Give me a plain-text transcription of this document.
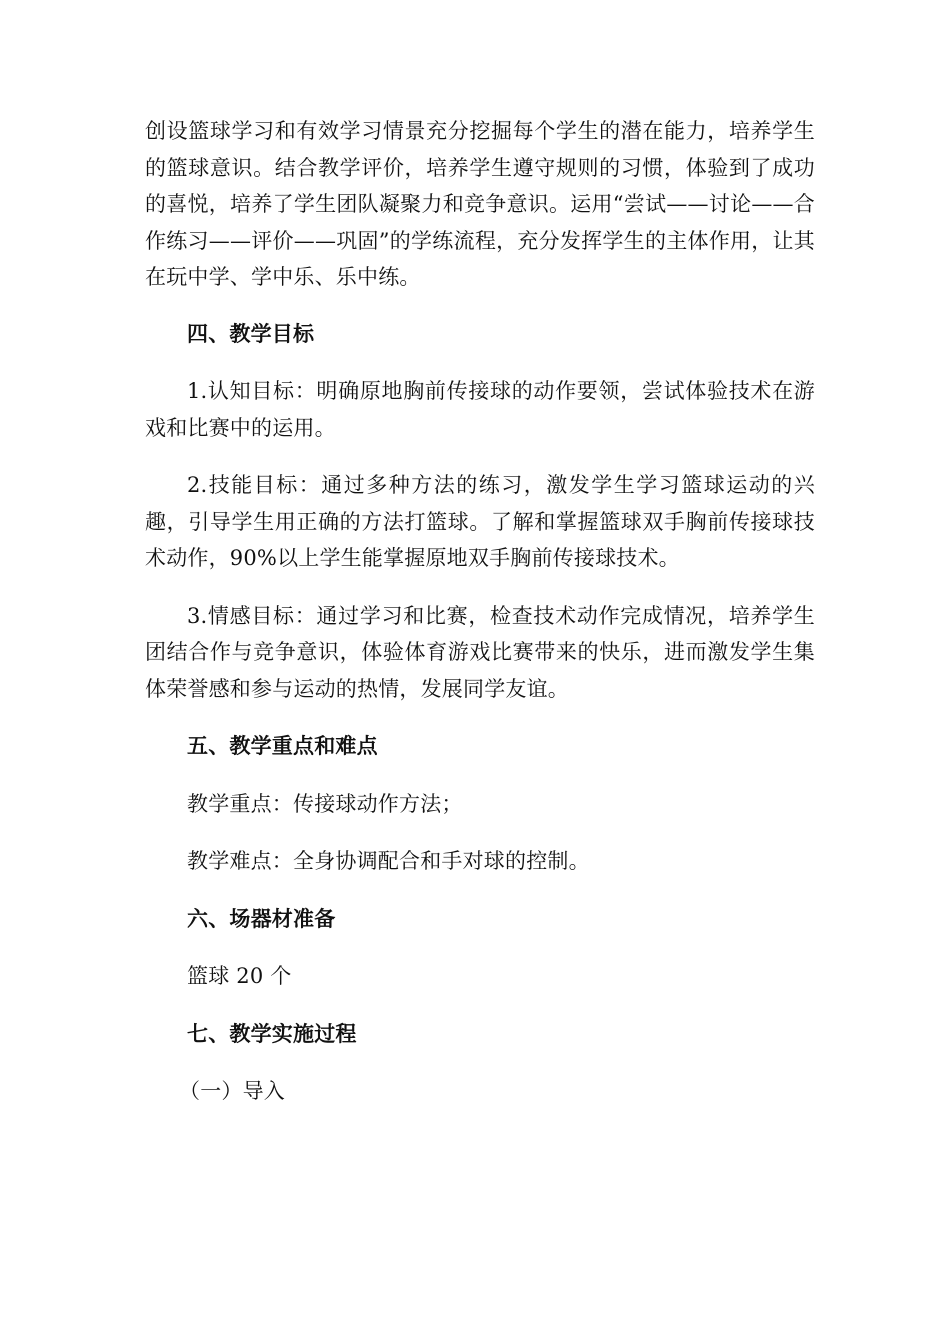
创设篮球学习和有效学习情景充分挖掘每个学生的潜在能力，培养学生的篮球意识。结合教学评价，培养学生遵守规则的习惯，体验到了成功的喜悦，培养了学生团队凝聚力和竞争意识。运用“尝试——讨论——合作练习——评价——巩固”的学练流程，充分发挥学生的主体作用，让其在玩中学、学中乐、乐中练。

四、教学目标

1.认知目标：明确原地胸前传接球的动作要领，尝试体验技术在游戏和比赛中的运用。

2.技能目标：通过多种方法的练习，激发学生学习篮球运动的兴趣，引导学生用正确的方法打篮球。了解和掌握篮球双手胸前传接球技术动作，90%以上学生能掌握原地双手胸前传接球技术。

3.情感目标：通过学习和比赛，检查技术动作完成情况，培养学生团结合作与竞争意识，体验体育游戏比赛带来的快乐，进而激发学生集体荣誉感和参与运动的热情，发展同学友谊。

五、教学重点和难点

教学重点：传接球动作方法；

教学难点：全身协调配合和手对球的控制。

六、场器材准备

篮球 20 个

七、教学实施过程

（一）导入
